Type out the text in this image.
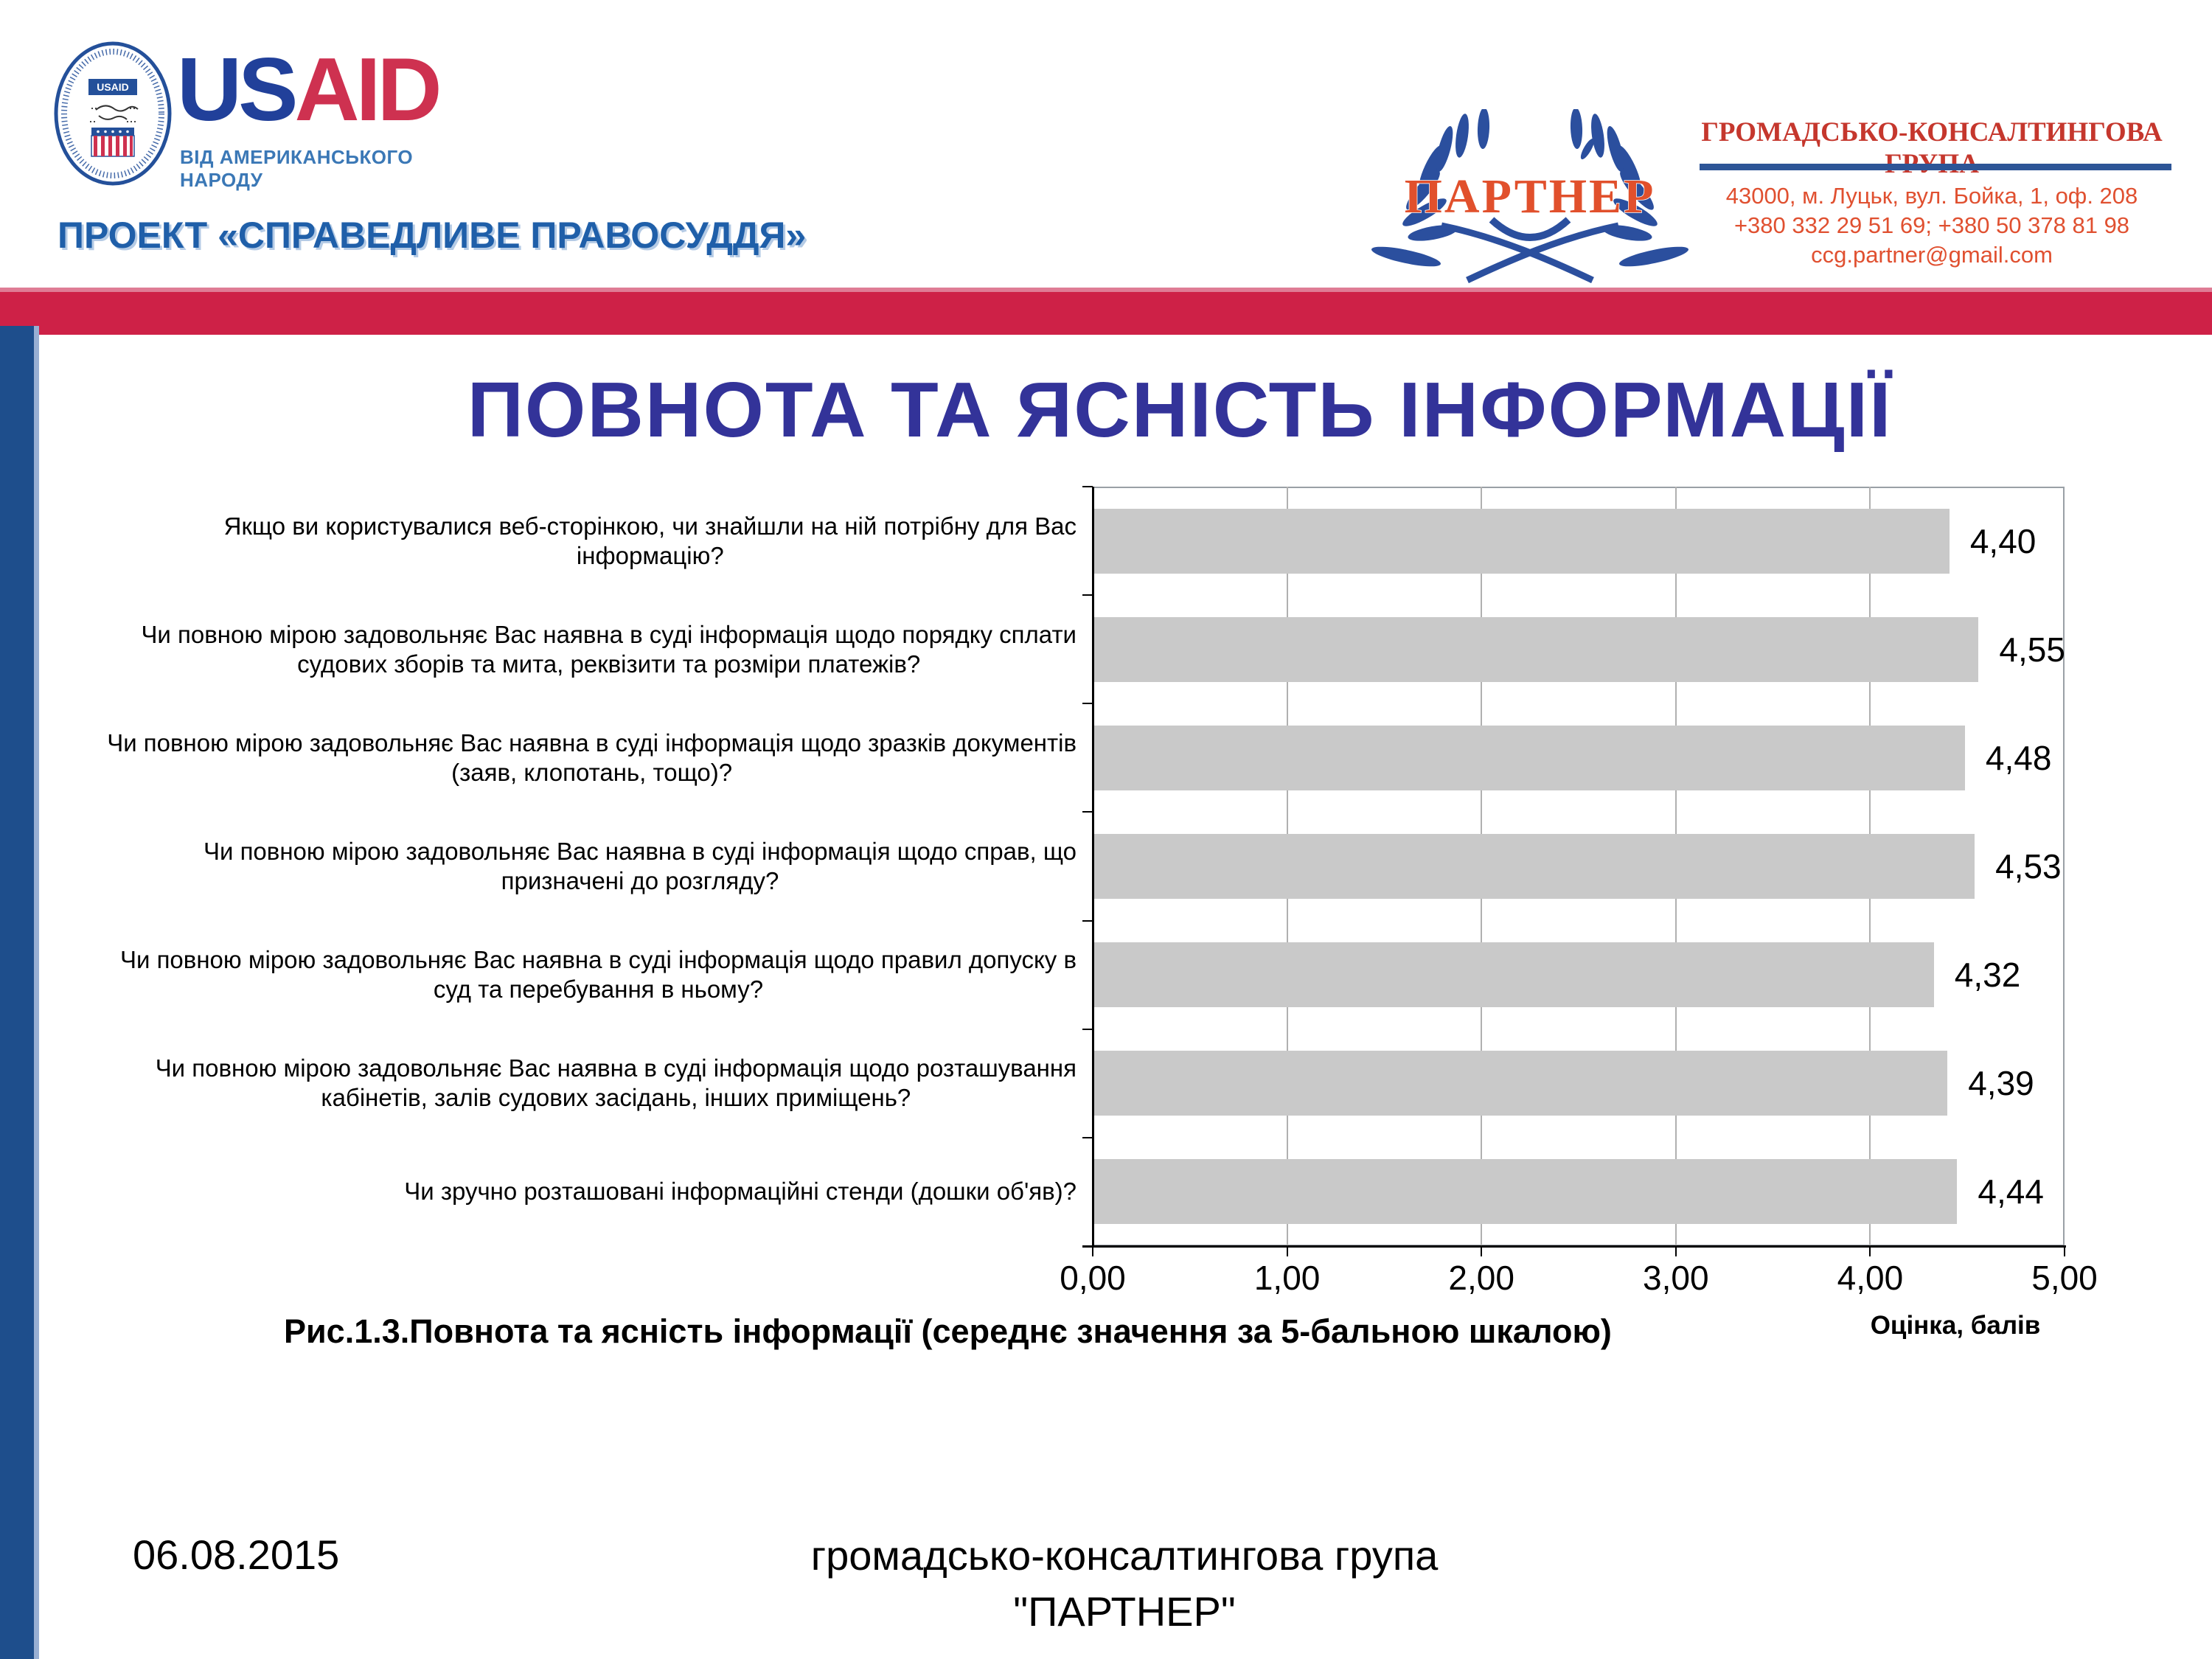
USAID USAID
ВІД АМЕРИКАНСЬКОГО НАРОДУ
ПРОЕКТ «СПРАВЕДЛИВЕ ПРАВОСУДДЯ»
ПАРТНЕР
ГРОМАДСЬКО-КОНСАЛТИНГОВА
43000, м. Луцьк, вул. Бойка, 1, оф. 208
+380 332 29 51 69; +380 50 378 81 98
ccg.partner@gmail.com
ПОВНОТА ТА ЯСНІСТЬ ІНФОРМАЦІЇ
0,00	1,00	2,00	3,00	4,00	5,00
Якщо ви користувалися веб-сторінкою, чи знайшли на ній потрібну для Вас
інформацію?	4,40
Чи повною мірою задовольняє Вас наявна в суді інформація щодо порядку сплати
судових зборів та мита, реквізити та розміри платежів?	4,55
Чи повною мірою задовольняє Вас наявна в суді інформація щодо зразків документів
(заяв, клопотань, тощо)?	4,48
Чи повною мірою задовольняє Вас наявна в суді інформація щодо справ, що
призначені до розгляду?	4,53
Чи повною мірою задовольняє Вас наявна в суді інформація щодо правил допуску в
суд та перебування в ньому?	4,32
Чи повною мірою задовольняє Вас наявна в суді інформація щодо розташування
кабінетів, залів судових засідань, інших приміщень?	4,39
Чи зручно розташовані інформаційні стенди (дошки об'яв)?	4,44
Оцінка, балів
Рис.1.3.Повнота та ясність інформації (середнє значення за 5-бальною шкалою)
06.08.2015	громадсько-консалтингова група
"ПАРТНЕР"
